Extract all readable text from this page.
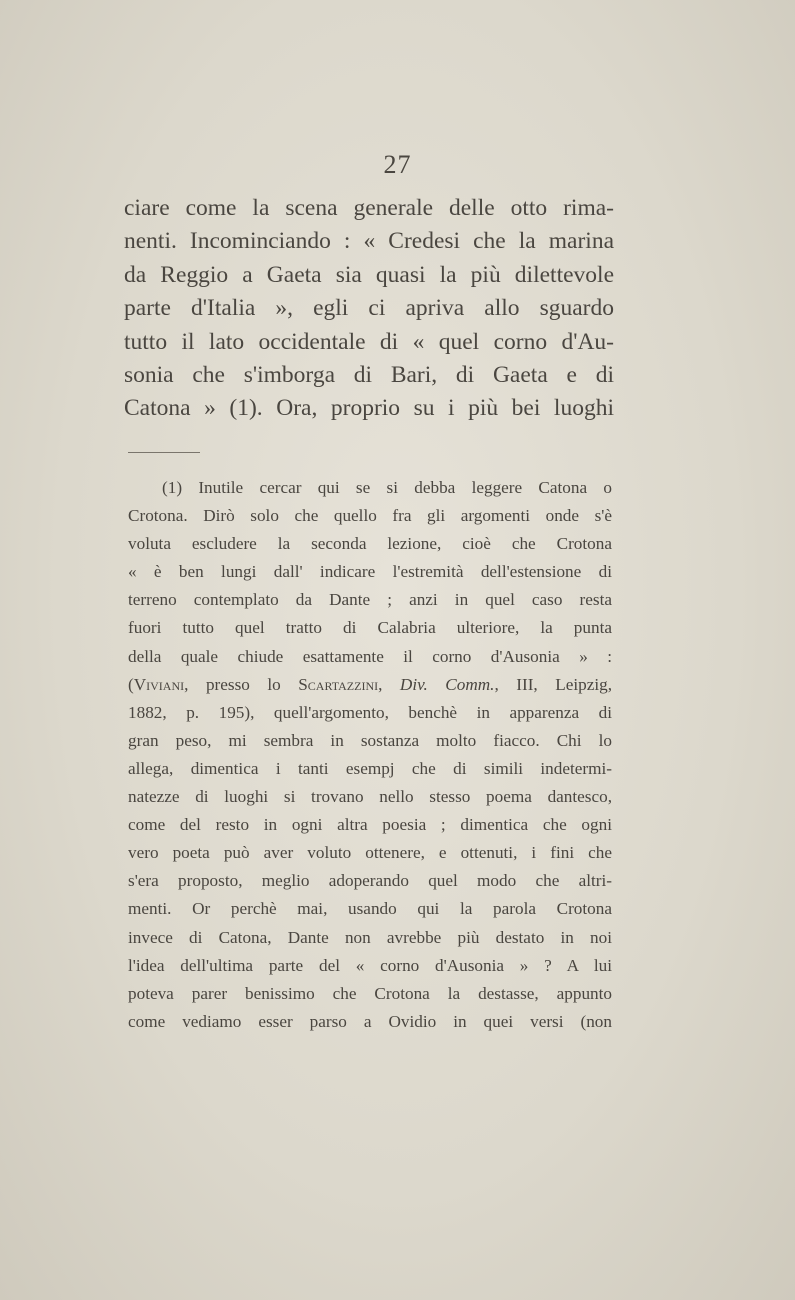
27
ciare come la scena generale delle otto rima-
nenti. Incominciando : « Credesi che la marina
da Reggio a Gaeta sia quasi la più dilettevole
parte d'Italia », egli ci apriva allo sguardo
tutto il lato occidentale di « quel corno d'Au-
sonia che s'imborga di Bari, di Gaeta e di
Catona » (1). Ora, proprio su i più bei luoghi
(1) Inutile cercar qui se si debba leggere Catona o
Crotona. Dirò solo che quello fra gli argomenti onde s'è
voluta escludere la seconda lezione, cioè che Crotona
« è ben lungi dall' indicare l'estremità dell'estensione di
terreno contemplato da Dante ; anzi in quel caso resta
fuori tutto quel tratto di Calabria ulteriore, la punta
della quale chiude esattamente il corno d'Ausonia » :
(Viviani, presso lo Scartazzini, Div. Comm., III, Leipzig,
1882, p. 195), quell'argomento, benchè in apparenza di
gran peso, mi sembra in sostanza molto fiacco. Chi lo
allega, dimentica i tanti esempj che di simili indetermi-
natezze di luoghi si trovano nello stesso poema dantesco,
come del resto in ogni altra poesia ; dimentica che ogni
vero poeta può aver voluto ottenere, e ottenuti, i fini che
s'era proposto, meglio adoperando quel modo che altri-
menti. Or perchè mai, usando qui la parola Crotona
invece di Catona, Dante non avrebbe più destato in noi
l'idea dell'ultima parte del « corno d'Ausonia » ? A lui
poteva parer benissimo che Crotona la destasse, appunto
come vediamo esser parso a Ovidio in quei versi (non
